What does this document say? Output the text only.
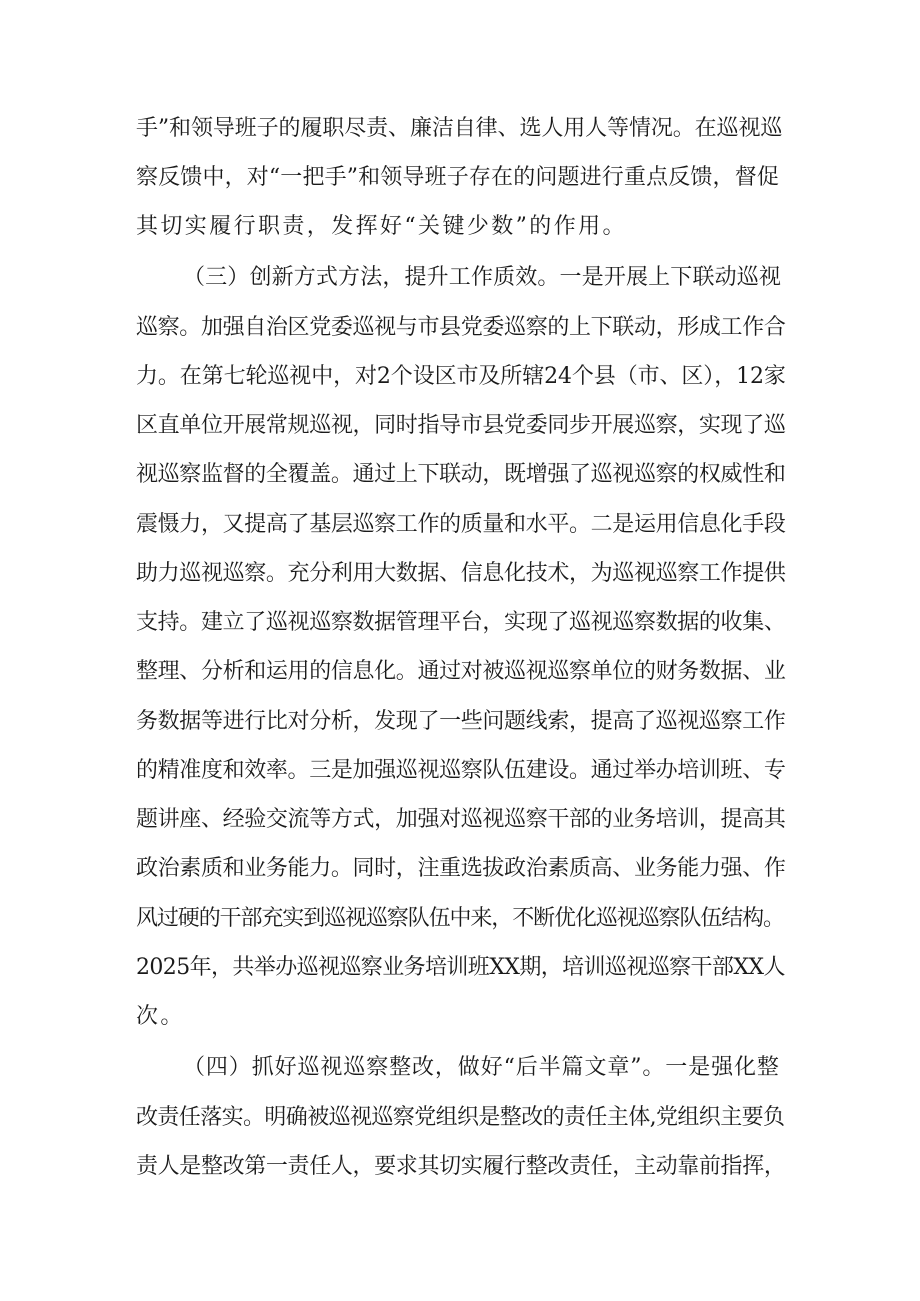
手”和领导班子的履职尽责、廉洁自律、选人用人等情况。在巡视巡
察反馈中，对“一把手”和领导班子存在的问题进行重点反馈，督促
其切实履行职责，发挥好“关键少数”的作用。
（三）创新方式方法，提升工作质效。一是开展上下联动巡视
巡察。加强自治区党委巡视与市县党委巡察的上下联动，形成工作合
力。在第七轮巡视中，对2个设区市及所辖24个县（市、区），12家
区直单位开展常规巡视，同时指导市县党委同步开展巡察，实现了巡
视巡察监督的全覆盖。通过上下联动，既增强了巡视巡察的权威性和
震慑力，又提高了基层巡察工作的质量和水平。二是运用信息化手段
助力巡视巡察。充分利用大数据、信息化技术，为巡视巡察工作提供
支持。建立了巡视巡察数据管理平台，实现了巡视巡察数据的收集、
整理、分析和运用的信息化。通过对被巡视巡察单位的财务数据、业
务数据等进行比对分析，发现了一些问题线索，提高了巡视巡察工作
的精准度和效率。三是加强巡视巡察队伍建设。通过举办培训班、专
题讲座、经验交流等方式，加强对巡视巡察干部的业务培训，提高其
政治素质和业务能力。同时，注重选拔政治素质高、业务能力强、作
风过硬的干部充实到巡视巡察队伍中来，不断优化巡视巡察队伍结构。
2025年，共举办巡视巡察业务培训班XX期，培训巡视巡察干部XX人
次。
（四）抓好巡视巡察整改，做好“后半篇文章”。一是强化整
改责任落实。明确被巡视巡察党组织是整改的责任主体,党组织主要负
责人是整改第一责任人，要求其切实履行整改责任，主动靠前指挥，
